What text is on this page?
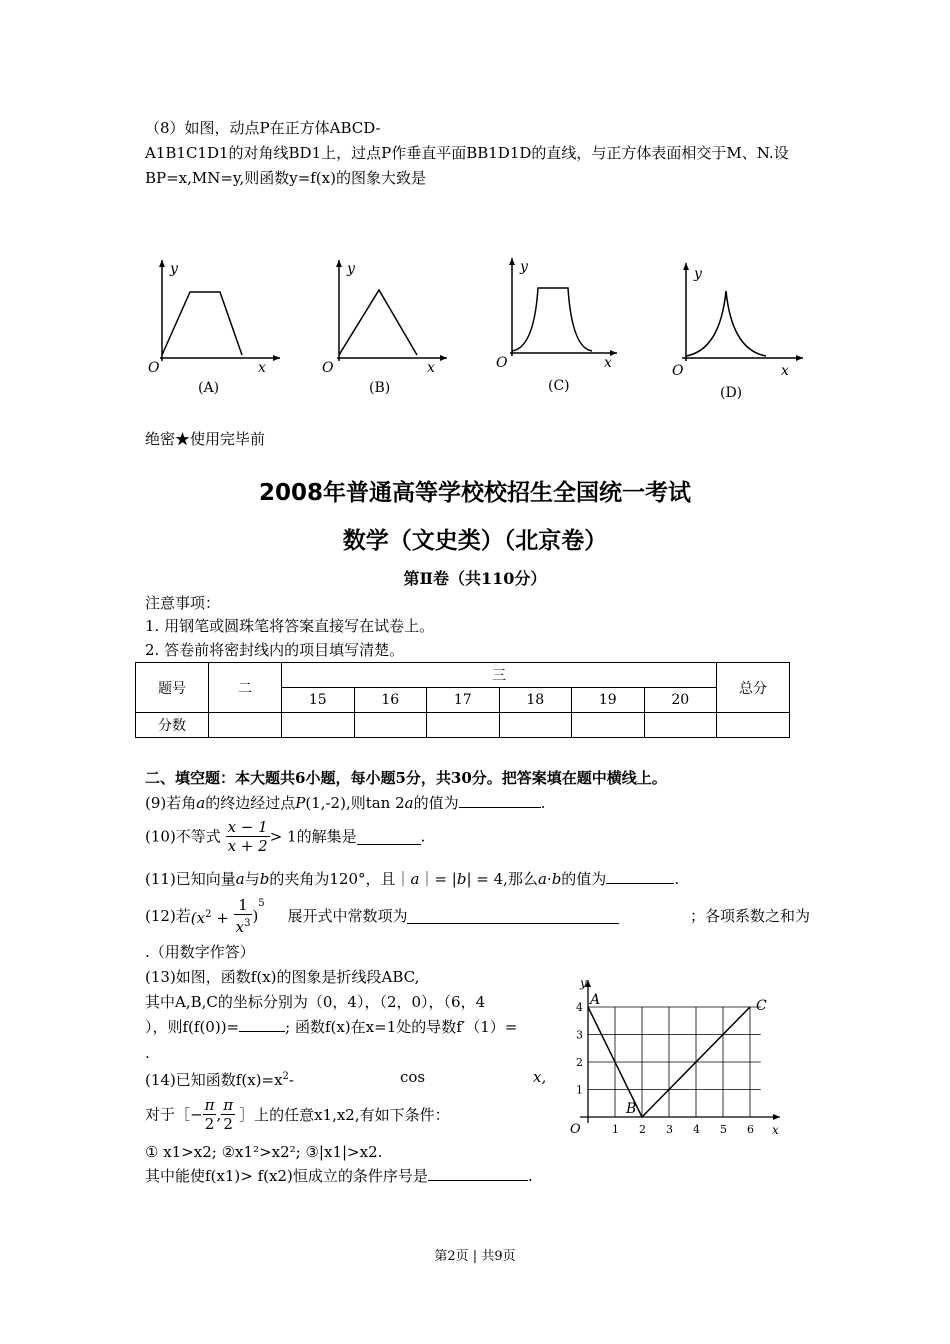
（8）如图，动点P在正方体ABCD-

A1B1C1D1的对角线BD1上，过点P作垂直平面BB1D1D的直线，与正方体表面相交于M、N.设

BP=x,MN=y,则函数y=f(x)的图象大致是

y
O	x
(A)
y
O	x
(B)
y
O	x
(C)
y
O	x
(D)
绝密★使用完毕前
2008年普通高等学校校招生全国统一考试
数学（文史类）（北京卷）
第Ⅱ卷（共110分）
注意事项：
1. 用钢笔或圆珠笔将答案直接写在试卷上。
2. 答卷前将密封线内的项目填写清楚。
题号	二	三						总分
		15	16	17	18	19	20	
分数								
二、填空题：本大题共6小题，每小题5分，共30分。把答案填在题中横线上。
(9)若角a的终边经过点P(1,-2),则tan 2a的值为	.
(10)不等式 $\frac{x - 1}{x + 2} > 1$的解集是	.
(11)已知向量a与b的夹角为120°，且｜a｜= |b| = 4,那么a·b的值为	.
(12)若$(x^2 + \frac{1}{x^3} )^5$ 展开式中常数项为	；各项系数之和为
.（用数字作答）
(13)如图，函数f(x)的图象是折线段ABC,
其中A,B,C的坐标分别为（0，4），（2，0），（6，4
），则f(f(0))=	; 函数f(x)在x=1处的导数f′（1）=
.
(14)已知函数$f(x)=x^2-$	cos	x,
对于［− $\frac{\pi}{2}$ , $\frac{\pi}{2}$ ］上的任意x1,x2,有如下条件：
① x1>x2; ②x1²>x2²; ③|x1|>x2.
其中能使f(x1)> f(x2)恒成立的条件序号是	.
1 2 3 4 5 6
1
2
3
4 A
B
C
y
x
O
第2页 | 共9页
